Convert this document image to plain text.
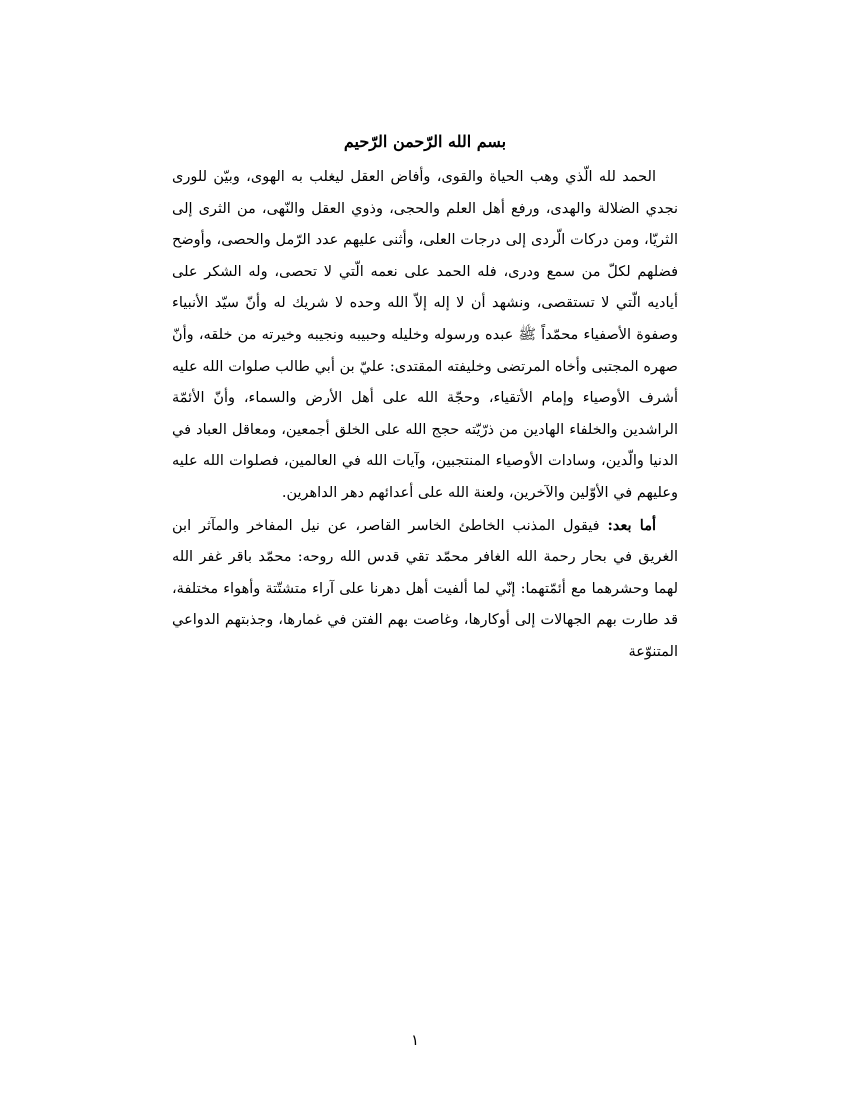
بسم الله الرّحمن الرّحيم

الحمد لله الّذي وهب الحياة والقوى، وأفاض العقل ليغلب به الهوى، وبيّن للورى نجدي الضلالة والهدى، ورفع أهل العلم والحجى، وذوي العقل والنّهى، من الثرى إلى الثريّا، ومن دركات الّردى إلى درجات العلى، وأثنى عليهم عدد الرّمل والحصى، وأوضح فضلهم لكلّ من سمع ودرى، فله الحمد على نعمه الّتي لا تحصى، وله الشكر على أياديه الّتي لا تستقصى، ونشهد أن لا إله إلاّ الله وحده لا شريك له وأنّ سيّد الأنبياء وصفوة الأصفياء محمّداً ﷺ عبده ورسوله وخليله وحبيبه ونجيبه وخيرته من خلقه، وأنّ صهره المجتبى وأخاه المرتضى وخليفته المقتدى: عليّ بن أبي طالب صلوات الله عليه أشرف الأوصياء وإمام الأتقياء، وحجّة الله على أهل الأرض والسماء، وأنّ الأئمّة الراشدين والخلفاء الهادين من ذرّيّته حجج الله على الخلق أجمعين، ومعاقل العباد في الدنيا والّدين، وسادات الأوصياء المنتجبين، وآيات الله في العالمين، فصلوات الله عليه وعليهم في الأوّلين والآخرين، ولعنة الله على أعدائهم دهر الداهرين.

أما بعد: فيقول المذنب الخاطئ الخاسر القاصر، عن نيل المفاخر والمآثر ابن الغريق في بحار رحمة الله الغافر محمّد تقي قدس الله روحه: محمّد باقر غفر الله لهما وحشرهما مع أئمّتهما: إنّي لما ألفيت أهل دهرنا على آراء متشتّتة وأهواء مختلفة، قد طارت بهم الجهالات إلى أوكارها، وغاصت بهم الفتن في غمارها، وجذبتهم الدواعي المتنوّعة

١
